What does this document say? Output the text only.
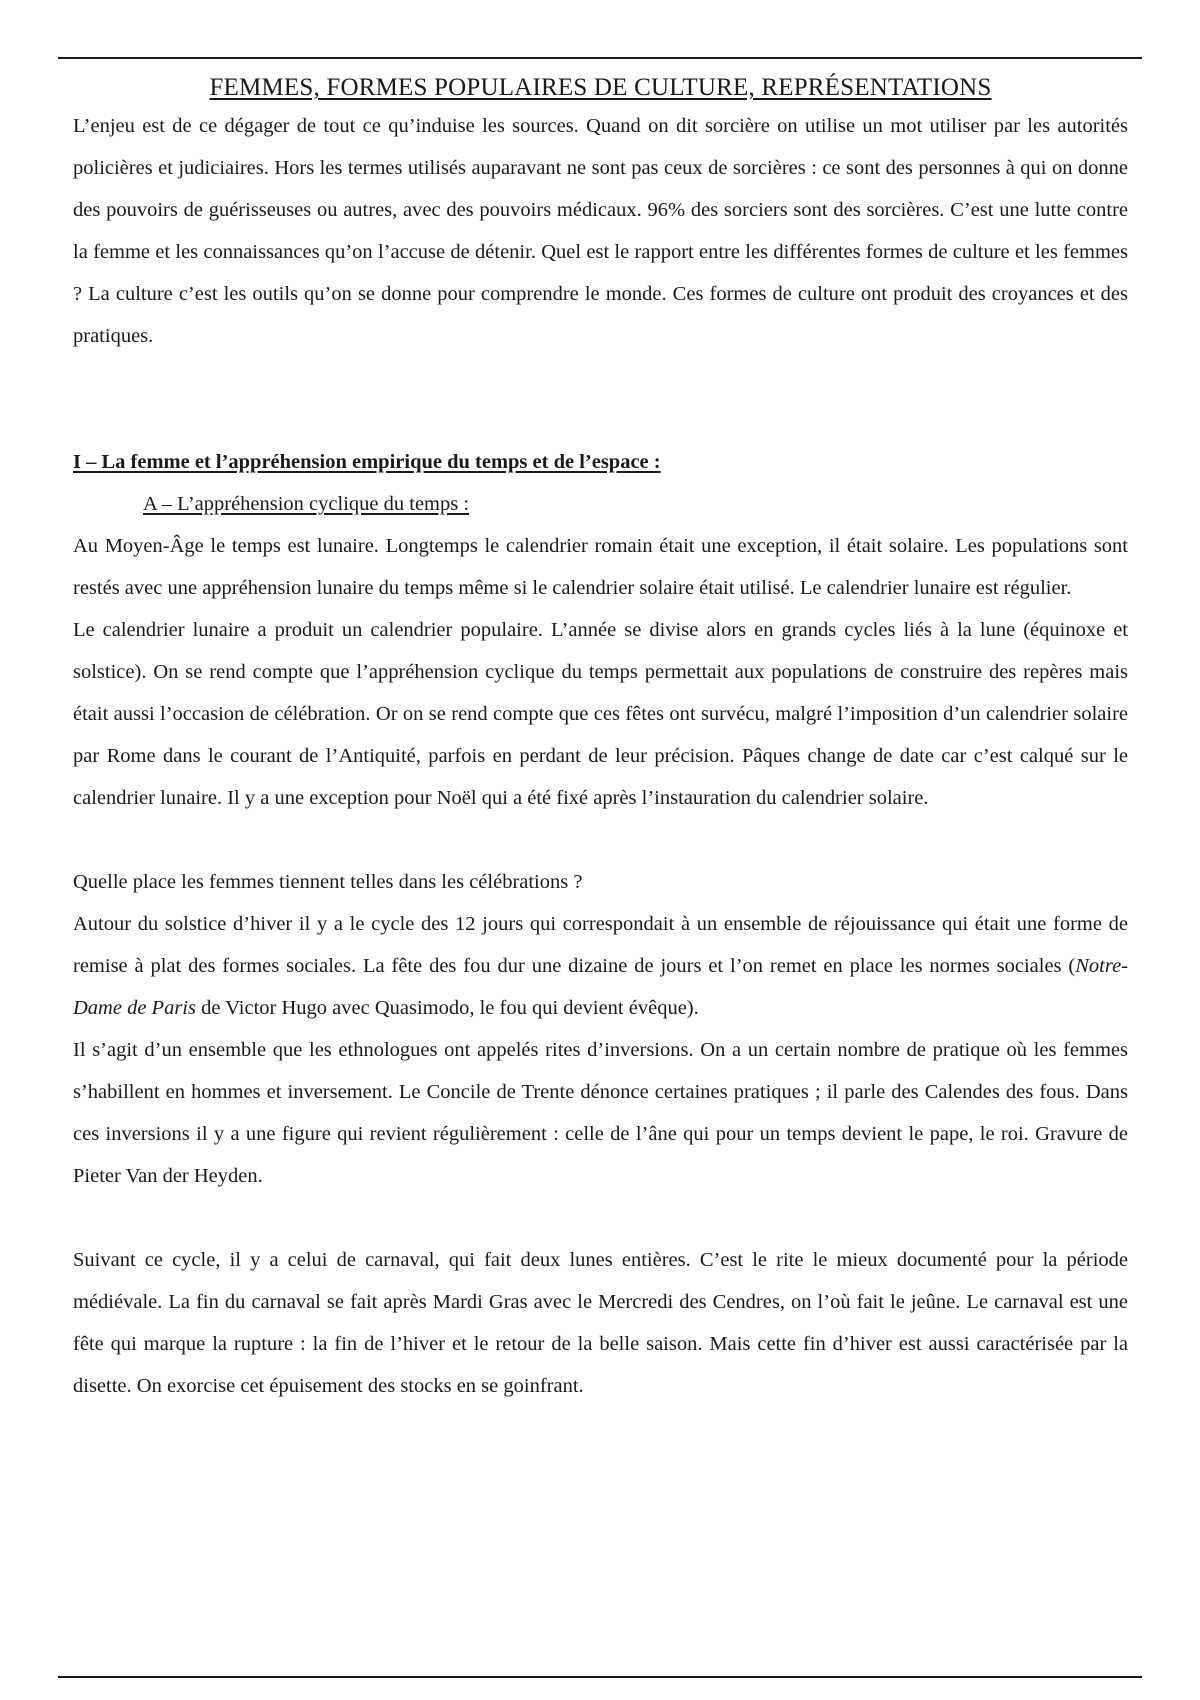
FEMMES, FORMES POPULAIRES DE CULTURE, REPRÉSENTATIONS

L’enjeu est de ce dégager de tout ce qu’induise les sources. Quand on dit sorcière on utilise un mot utiliser par les autorités policières et judiciaires. Hors les termes utilisés auparavant ne sont pas ceux de sorcières : ce sont des personnes à qui on donne des pouvoirs de guérisseuses ou autres, avec des pouvoirs médicaux. 96% des sorciers sont des sorcières. C’est une lutte contre la femme et les connaissances qu’on l’accuse de détenir. Quel est le rapport entre les différentes formes de culture et les femmes ? La culture c’est les outils qu’on se donne pour comprendre le monde. Ces formes de culture ont produit des croyances et des pratiques.

I – La femme et l’appréhension empirique du temps et de l’espace :
A – L’appréhension cyclique du temps :

Au Moyen-Âge le temps est lunaire. Longtemps le calendrier romain était une exception, il était solaire. Les populations sont restés avec une appréhension lunaire du temps même si le calendrier solaire était utilisé. Le calendrier lunaire est régulier.

Le calendrier lunaire a produit un calendrier populaire. L’année se divise alors en grands cycles liés à la lune (équinoxe et solstice). On se rend compte que l’appréhension cyclique du temps permettait aux populations de construire des repères mais était aussi l’occasion de célébration. Or on se rend compte que ces fêtes ont survécu, malgré l’imposition d’un calendrier solaire par Rome dans le courant de l’Antiquité, parfois en perdant de leur précision. Pâques change de date car c’est calqué sur le calendrier lunaire. Il y a une exception pour Noël qui a été fixé après l’instauration du calendrier solaire.

Quelle place les femmes tiennent telles dans les célébrations ?

Autour du solstice d’hiver il y a le cycle des 12 jours qui correspondait à un ensemble de réjouissance qui était une forme de remise à plat des formes sociales. La fête des fou dur une dizaine de jours et l’on remet en place les normes sociales (Notre-Dame de Paris de Victor Hugo avec Quasimodo, le fou qui devient évêque).

Il s’agit d’un ensemble que les ethnologues ont appelés rites d’inversions. On a un certain nombre de pratique où les femmes s’habillent en hommes et inversement. Le Concile de Trente dénonce certaines pratiques ; il parle des Calendes des fous. Dans ces inversions il y a une figure qui revient régulièrement : celle de l’âne qui pour un temps devient le pape, le roi. Gravure de Pieter Van der Heyden.

Suivant ce cycle, il y a celui de carnaval, qui fait deux lunes entières. C’est le rite le mieux documenté pour la période médiévale. La fin du carnaval se fait après Mardi Gras avec le Mercredi des Cendres, on l’où fait le jeûne. Le carnaval est une fête qui marque la rupture : la fin de l’hiver et le retour de la belle saison. Mais cette fin d’hiver est aussi caractérisée par la disette. On exorcise cet épuisement des stocks en se goinfrant.
